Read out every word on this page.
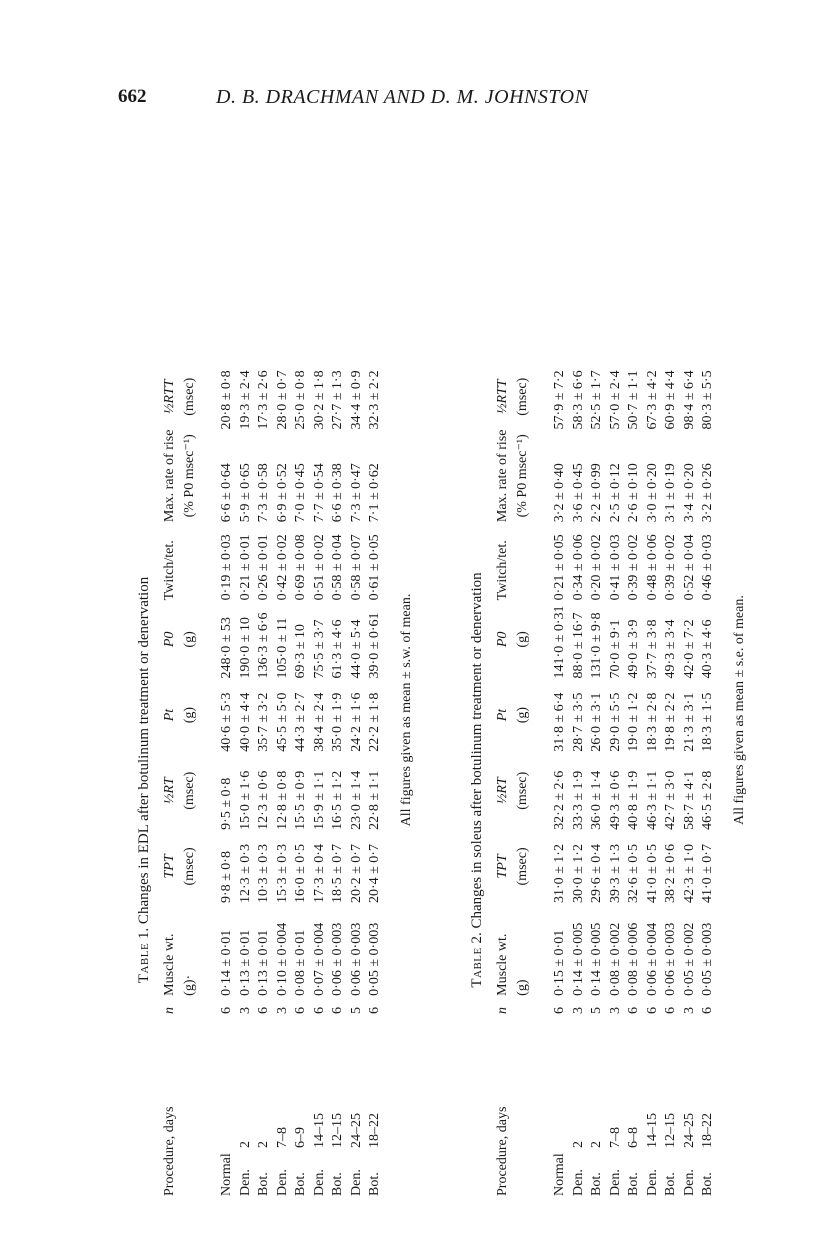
662	D. B. DRACHMAN AND D. M. JOHNSTON
Table 1. Changes in EDL after botulinum treatment or denervation
Procedure, days
n
Muscle wt. (g)·
TPT (msec)
½RT (msec)
Pt (g)
P0 (g)
Twitch/tet.
Max. rate of rise (% P0 msec⁻¹)
½RTT (msec)
Normal
6
0·14 ± 0·01
9·8 ± 0·8
9·5 ± 0·8
40·6 ± 5·3
248·0 ± 53
0·19 ± 0·03
6·6 ± 0·64
20·8 ± 0·8
Den.2
3
0·13 ± 0·01
12·3 ± 0·3
15·0 ± 1·6
40·0 ± 4·4
190·0 ± 10
0·21 ± 0·01
5·9 ± 0·65
19·3 ± 2·4
Bot.2
6
0·13 ± 0·01
10·3 ± 0·3
12·3 ± 0·6
35·7 ± 3·2
136·3 ± 6·6
0·26 ± 0·01
7·3 ± 0·58
17·3 ± 2·6
Den.7–8
3
0·10 ± 0·004
15·3 ± 0·3
12·8 ± 0·8
45·5 ± 5·0
105·0 ± 11
0·42 ± 0·02
6·9 ± 0·52
28·0 ± 0·7
Bot.6–9
6
0·08 ± 0·01
16·0 ± 0·5
15·5 ± 0·9
44·3 ± 2·7
69·3 ± 10
0·69 ± 0·08
7·0 ± 0·45
25·0 ± 0·8
Den.14–15
6
0·07 ± 0·004
17·3 ± 0·4
15·9 ± 1·1
38·4 ± 2·4
75·5 ± 3·7
0·51 ± 0·02
7·7 ± 0·54
30·2 ± 1·8
Bot.12–15
6
0·06 ± 0·003
18·5 ± 0·7
16·5 ± 1·2
35·0 ± 1·9
61·3 ± 4·6
0·58 ± 0·04
6·6 ± 0·38
27·7 ± 1·3
Den.24–25
5
0·06 ± 0·003
20·2 ± 0·7
23·0 ± 1·4
24·2 ± 1·6
44·0 ± 5·4
0·58 ± 0·07
7·3 ± 0·47
34·4 ± 0·9
Bot.18–22
6
0·05 ± 0·003
20·4 ± 0·7
22·8 ± 1·1
22·2 ± 1·8
39·0 ± 0·61
0·61 ± 0·05
7·1 ± 0·62
32·3 ± 2·2
All figures given as mean ± s.w. of mean.
Table 2. Changes in soleus after botulinum treatment or denervation
Procedure, days
n
Muscle wt. (g)
TPT (msec)
½RT (msec)
Pt (g)
P0 (g)
Twitch/tet.
Max. rate of rise (% P0 msec⁻¹)
½RTT (msec)
Normal
6
0·15 ± 0·01
31·0 ± 1·2
32·2 ± 2·6
31·8 ± 6·4
141·0 ± 0·31
0·21 ± 0·05
3·2 ± 0·40
57·9 ± 7·2
Den.2
3
0·14 ± 0·005
30·0 ± 1·2
33·3 ± 1·9
28·7 ± 3·5
88·0 ± 16·7
0·34 ± 0·06
3·6 ± 0·45
58·3 ± 6·6
Bot.2
5
0·14 ± 0·005
29·6 ± 0·4
36·0 ± 1·4
26·0 ± 3·1
131·0 ± 9·8
0·20 ± 0·02
2·2 ± 0·99
52·5 ± 1·7
Den.7–8
3
0·08 ± 0·002
39·3 ± 1·3
49·3 ± 0·6
29·0 ± 5·5
70·0 ± 9·1
0·41 ± 0·03
2·5 ± 0·12
57·0 ± 2·4
Bot.6–8
6
0·08 ± 0·006
32·6 ± 0·5
40·8 ± 1·9
19·0 ± 1·2
49·0 ± 3·9
0·39 ± 0·02
2·6 ± 0·10
50·7 ± 1·1
Den.14–15
6
0·06 ± 0·004
41·0 ± 0·5
46·3 ± 1·1
18·3 ± 2·8
37·7 ± 3·8
0·48 ± 0·06
3·0 ± 0·20
67·3 ± 4·2
Bot.12–15
6
0·06 ± 0·003
38·2 ± 0·6
42·7 ± 3·0
19·8 ± 2·2
49·3 ± 3·4
0·39 ± 0·02
3·1 ± 0·19
60·9 ± 4·4
Den.24–25
3
0·05 ± 0·002
42·3 ± 1·0
58·7 ± 4·1
21·3 ± 3·1
42·0 ± 7·2
0·52 ± 0·04
3·4 ± 0·20
98·4 ± 6·4
Bot.18–22
6
0·05 ± 0·003
41·0 ± 0·7
46·5 ± 2·8
18·3 ± 1·5
40·3 ± 4·6
0·46 ± 0·03
3·2 ± 0·26
80·3 ± 5·5
All figures given as mean ± s.e. of mean.
